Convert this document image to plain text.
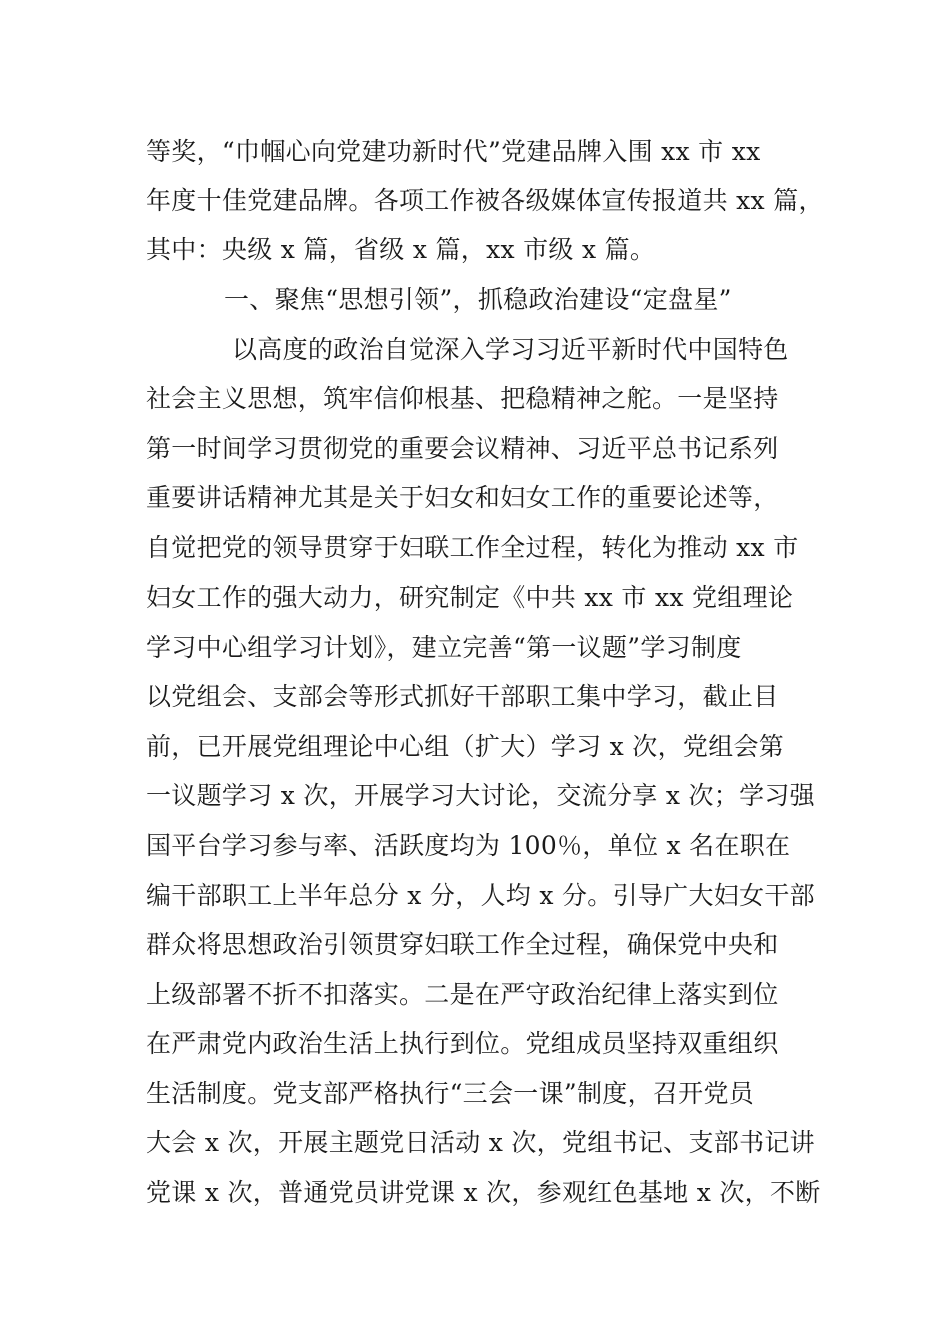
等奖，“巾帼心向党建功新时代”党建品牌入围 xx 市 xx
年度十佳党建品牌。各项工作被各级媒体宣传报道共 xx 篇，
其中：央级 x 篇，省级 x 篇，xx 市级 x 篇。
一、聚焦“思想引领”，抓稳政治建设“定盘星”
以高度的政治自觉深入学习习近平新时代中国特色
社会主义思想，筑牢信仰根基、把稳精神之舵。一是坚持
第一时间学习贯彻党的重要会议精神、习近平总书记系列
重要讲话精神尤其是关于妇女和妇女工作的重要论述等，
自觉把党的领导贯穿于妇联工作全过程，转化为推动 xx 市
妇女工作的强大动力，研究制定《中共 xx 市 xx 党组理论
学习中心组学习计划》，建立完善“第一议题”学习制度
以党组会、支部会等形式抓好干部职工集中学习，截止目
前，已开展党组理论中心组（扩大）学习 x 次，党组会第
一议题学习 x 次，开展学习大讨论，交流分享 x 次；学习强
国平台学习参与率、活跃度均为 100％，单位 x 名在职在
编干部职工上半年总分 x 分，人均 x 分。引导广大妇女干部
群众将思想政治引领贯穿妇联工作全过程，确保党中央和
上级部署不折不扣落实。二是在严守政治纪律上落实到位
在严肃党内政治生活上执行到位。党组成员坚持双重组织
生活制度。党支部严格执行“三会一课”制度，召开党员
大会 x 次，开展主题党日活动 x 次，党组书记、支部书记讲
党课 x 次，普通党员讲党课 x 次，参观红色基地 x 次，不断
